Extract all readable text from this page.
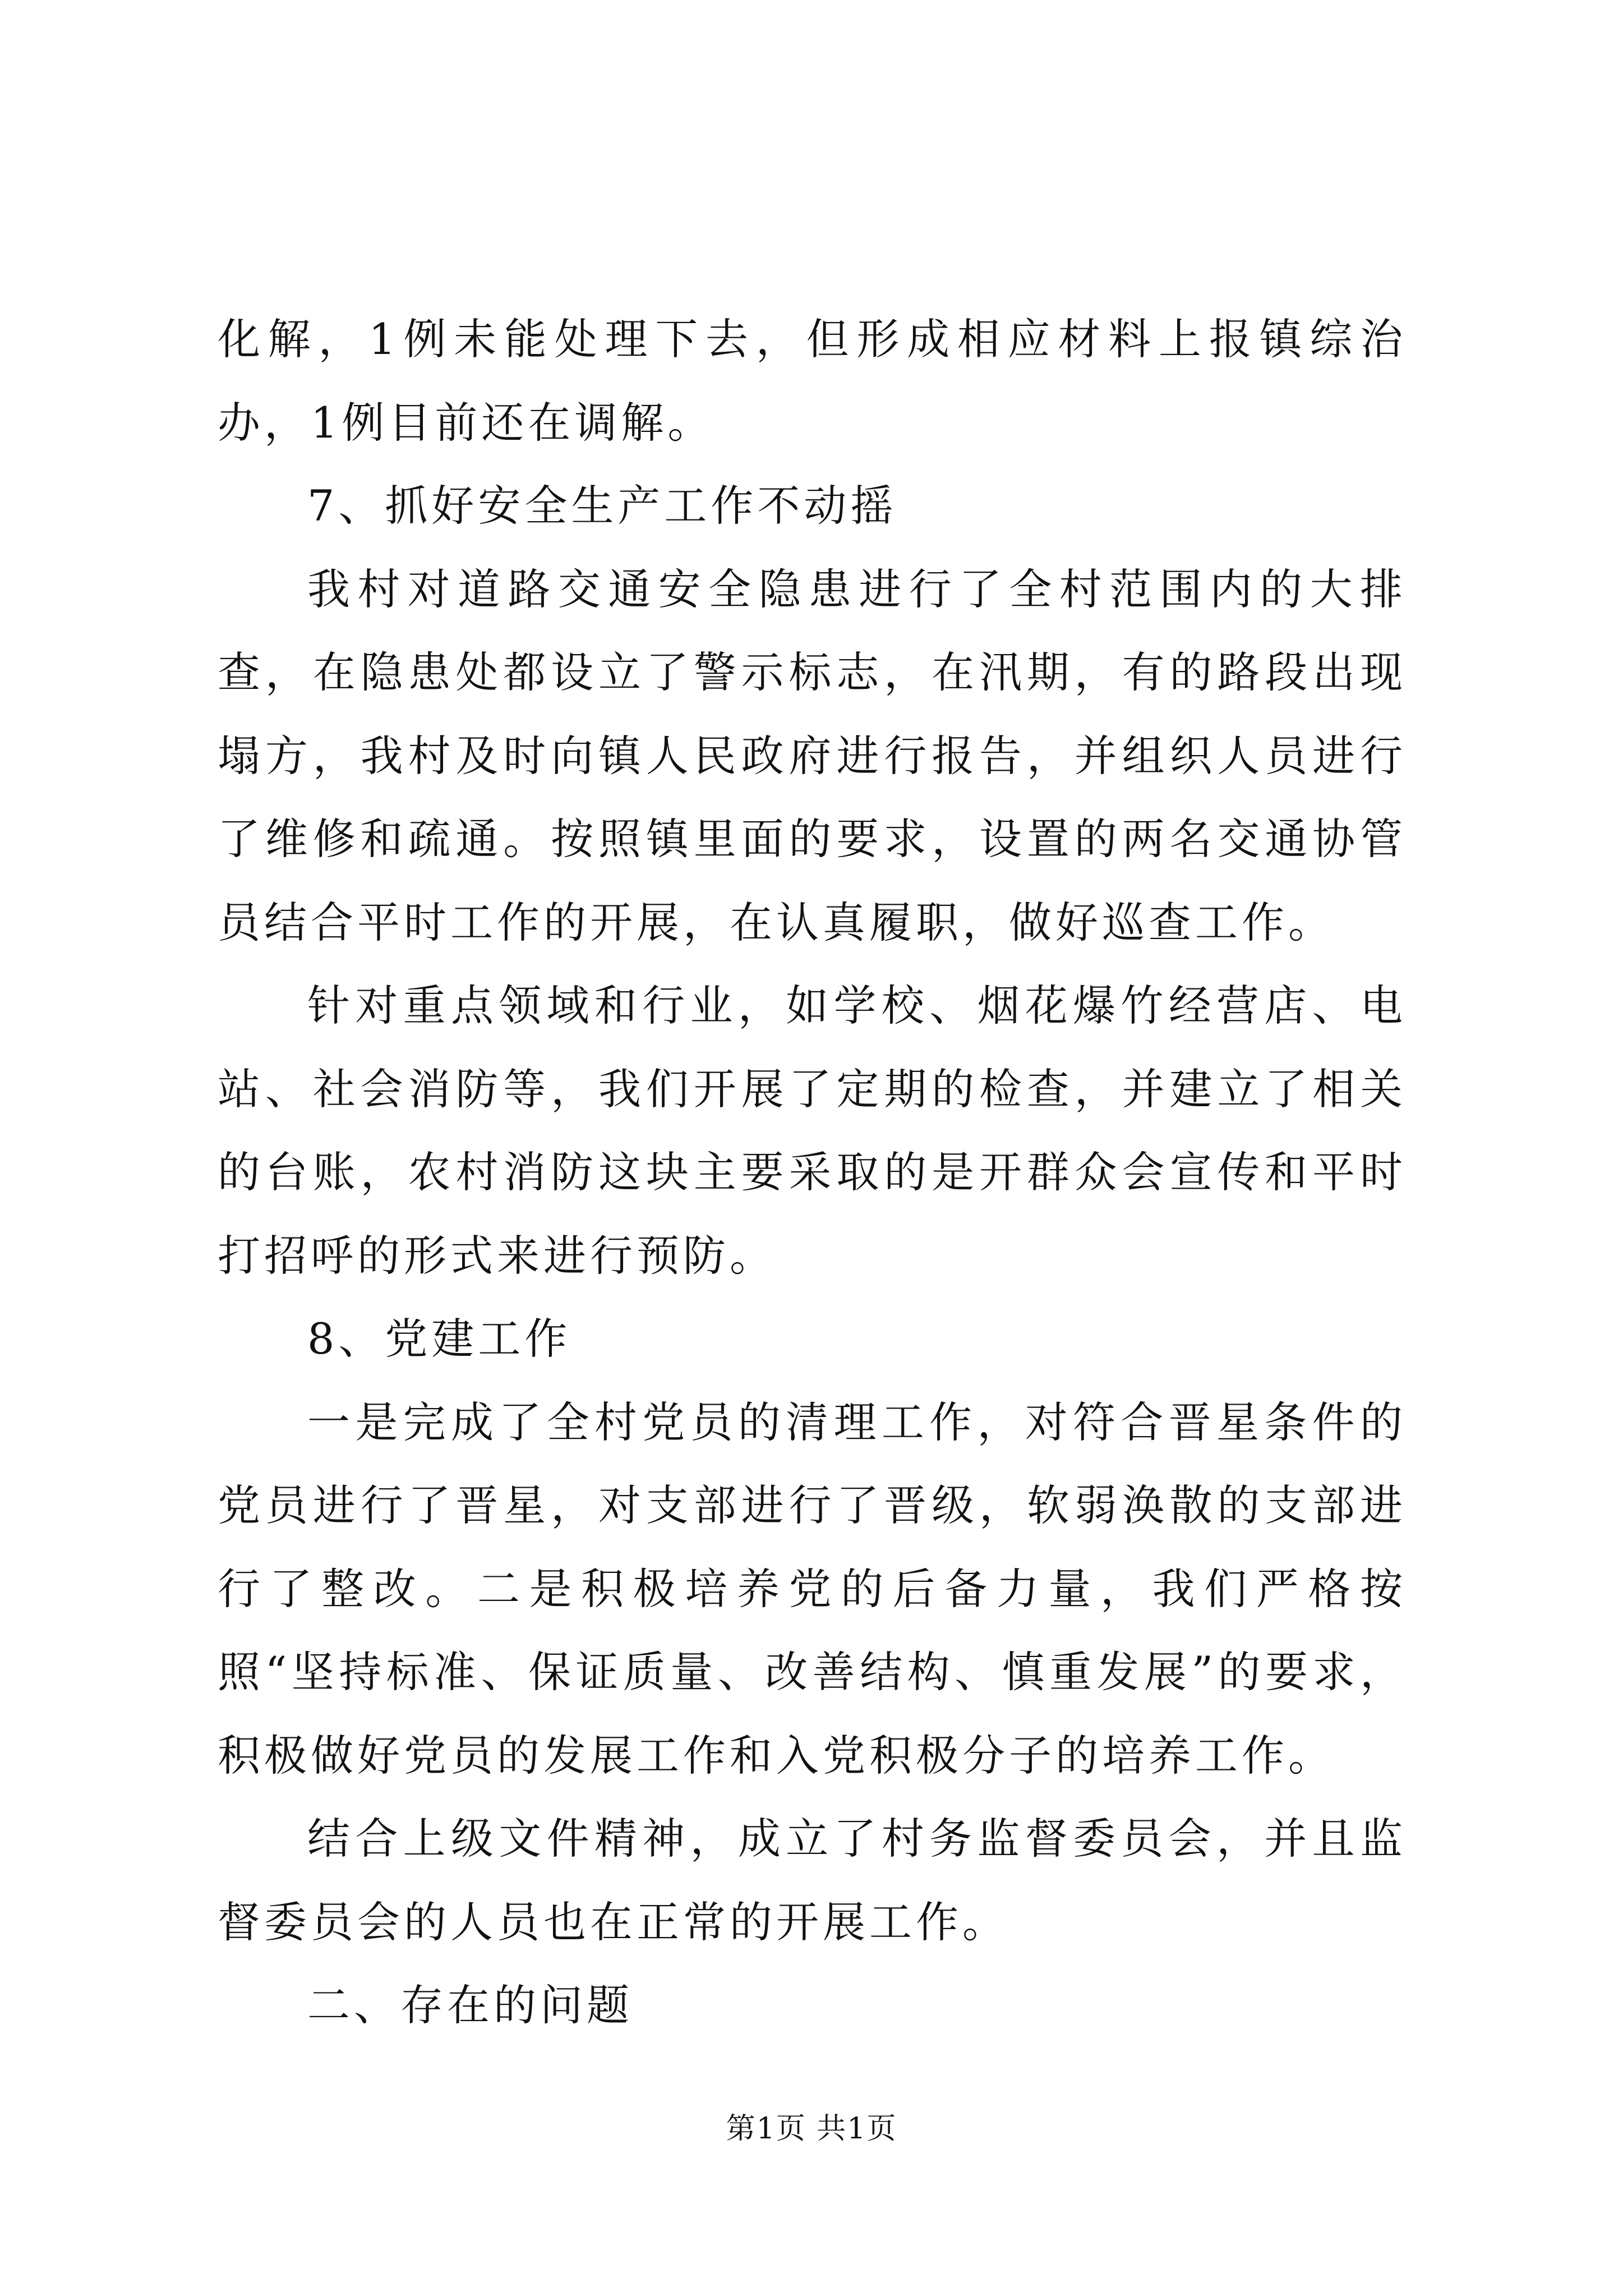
化解，1例未能处理下去，但形成相应材料上报镇综治办，1例目前还在调解。

7、抓好安全生产工作不动摇

我村对道路交通安全隐患进行了全村范围内的大排查，在隐患处都设立了警示标志，在汛期，有的路段出现塌方，我村及时向镇人民政府进行报告，并组织人员进行了维修和疏通。按照镇里面的要求，设置的两名交通协管员结合平时工作的开展，在认真履职，做好巡查工作。

针对重点领域和行业，如学校、烟花爆竹经营店、电站、社会消防等，我们开展了定期的检查，并建立了相关的台账，农村消防这块主要采取的是开群众会宣传和平时打招呼的形式来进行预防。

8、党建工作

一是完成了全村党员的清理工作，对符合晋星条件的党员进行了晋星，对支部进行了晋级，软弱涣散的支部进行了整改。二是积极培养党的后备力量，我们严格按照“坚持标准、保证质量、改善结构、慎重发展”的要求，积极做好党员的发展工作和入党积极分子的培养工作。

结合上级文件精神，成立了村务监督委员会，并且监督委员会的人员也在正常的开展工作。

二、存在的问题

第1页 共1页
